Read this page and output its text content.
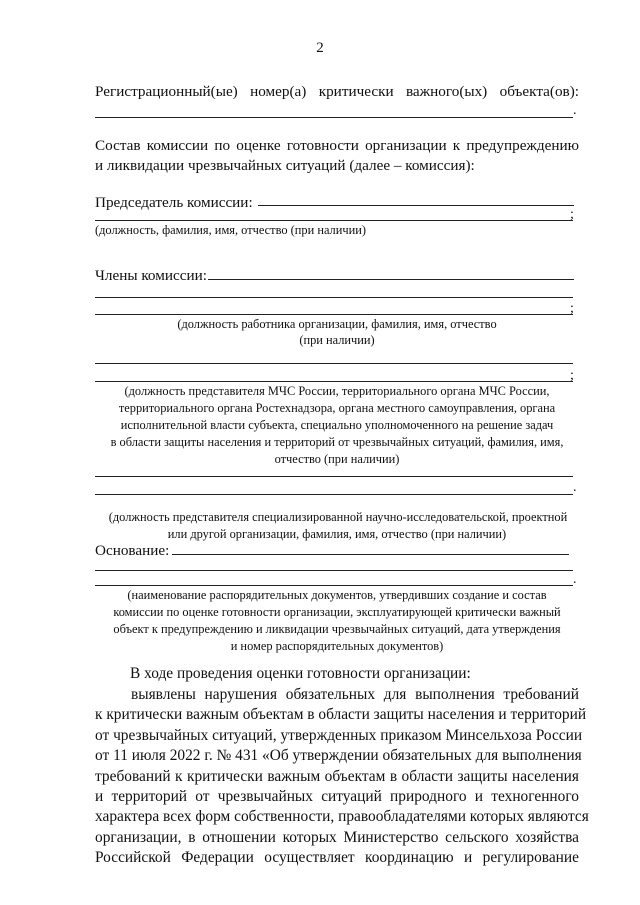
2
Регистрационный(ые)   номер(а)   критически   важного(ых)   объекта(ов):
.
Состав комиссии по оценке готовности организации к предупреждению
и ликвидации чрезвычайных ситуаций (далее – комиссия):
Председатель комиссии:
;
(должность, фамилия, имя, отчество (при наличии)
Члены комиссии:
;
(должность работника организации, фамилия, имя, отчество
(при наличии)
;
(должность представителя МЧС России, территориального органа МЧС России,
территориального органа Ростехнадзора, органа местного самоуправления, органа
исполнительной власти субъекта, специально уполномоченного на решение задач
в области защиты населения и территорий от чрезвычайных ситуаций, фамилия, имя,
отчество (при наличии)
.
(должность представителя специализированной научно-исследовательской, проектной
или другой организации, фамилия, имя, отчество (при наличии)
Основание:
.
(наименование распорядительных документов, утвердивших создание и состав
комиссии по оценке готовности организации, эксплуатирующей критически важный
объект к предупреждению и ликвидации чрезвычайных ситуаций, дата утверждения
и номер распорядительных документов)
В ходе проведения оценки готовности организации:
выявлены нарушения обязательных для выполнения требований
к критически важным объектам в области защиты населения и территорий
от чрезвычайных ситуаций, утвержденных приказом Минсельхоза России
от 11 июля 2022 г. № 431 «Об утверждении обязательных для выполнения
требований к критически важным объектам в области защиты населения
и территорий от чрезвычайных ситуаций природного и техногенного
характера всех форм собственности, правообладателями которых являются
организации, в отношении которых Министерство сельского хозяйства
Российской Федерации осуществляет координацию и регулирование
